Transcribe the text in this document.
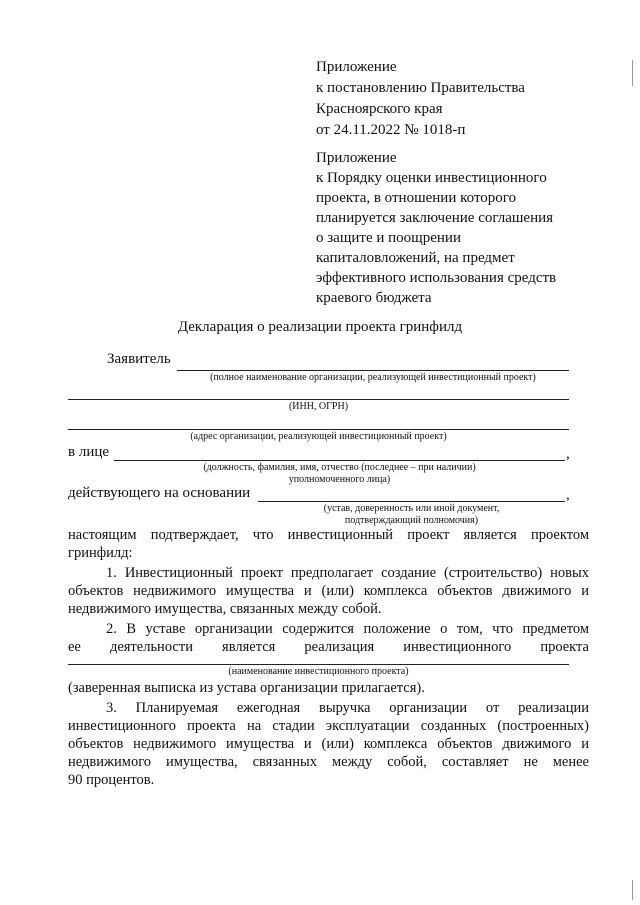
Приложение
к постановлению Правительства
Красноярского края
от 24.11.2022 № 1018-п
Приложение
к Порядку оценки инвестиционного
проекта, в отношении которого
планируется заключение соглашения
о защите и поощрении
капиталовложений, на предмет
эффективного использования средств
краевого бюджета
Декларация о реализации проекта гринфилд
Заявитель
(полное наименование организации, реализующей инвестиционный проект)
(ИНН, ОГРН)
(адрес организации, реализующей инвестиционный проект)
в лице	,
(должность, фамилия, имя, отчество (последнее – при наличии)
уполномоченного лица)
действующего на основании	,
(устав, доверенность или иной документ,
подтверждающий полномочия)
настоящим подтверждает, что инвестиционный проект является проектом
гринфилд:
1. Инвестиционный проект предполагает создание (строительство) новых
объектов недвижимого имущества и (или) комплекса объектов движимого и
недвижимого имущества, связанных между собой.
2. В уставе организации содержится положение о том, что предметом
ее деятельности является реализация инвестиционного проекта
(наименование инвестиционного проекта)
(заверенная выписка из устава организации прилагается).
3. Планируемая ежегодная выручка организации от реализации
инвестиционного проекта на стадии эксплуатации созданных (построенных)
объектов недвижимого имущества и (или) комплекса объектов движимого и
недвижимого имущества, связанных между собой, составляет не менее
90 процентов.
